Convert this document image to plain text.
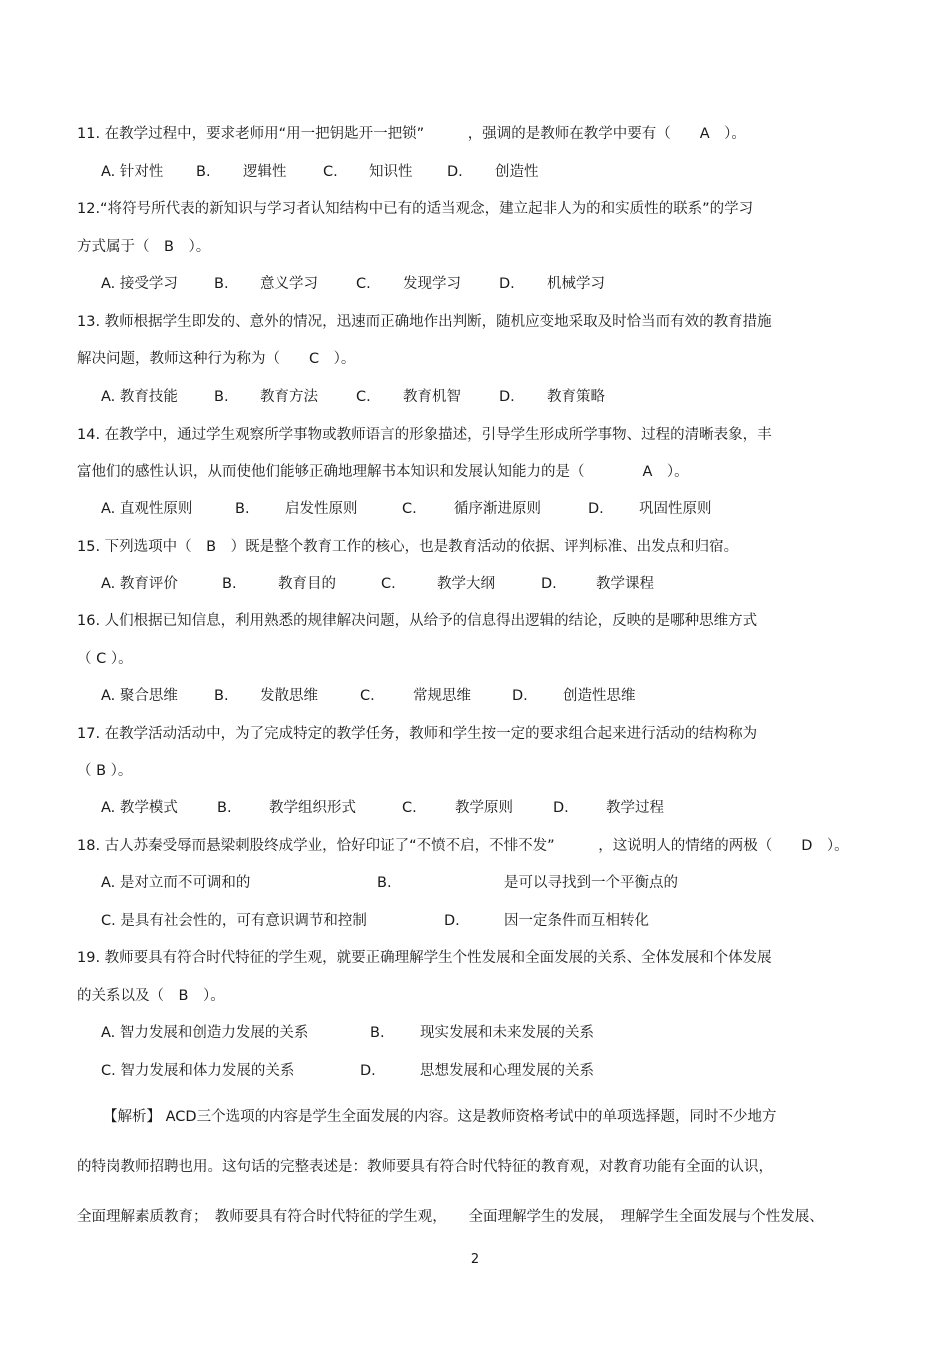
11. 在教学过程中，要求老师用“用一把钥匙开一把锁”　　　，强调的是教师在教学中要有（　　A　）。
A. 针对性 B. 逻辑性	C. 知识性 D. 创造性
12.“将符号所代表的新知识与学习者认知结构中已有的适当观念，建立起非人为的和实质性的联系”的学习
方式属于（　B　）。
A. 接受学习 B. 意义学习	C. 发现学习	D. 机械学习
13. 教师根据学生即发的、意外的情况，迅速而正确地作出判断，随机应变地采取及时恰当而有效的教育措施
解决问题，教师这种行为称为（　　C　）。
A. 教育技能 B. 教育方法	C. 教育机智	D. 教育策略
14. 在教学中，通过学生观察所学事物或教师语言的形象描述，引导学生形成所学事物、过程的清晰表象，丰
富他们的感性认识，从而使他们能够正确地理解书本知识和发展认知能力的是（　　　　A　）。
A. 直观性原则	B. 启发性原则	C.	循序渐进原则	D. 巩固性原则
15. 下列选项中（　B　）既是整个教育工作的核心，也是教育活动的依据、评判标准、出发点和归宿。
A. 教育评价	B.	教育目的	C.	教学大纲	D.	教学课程
16. 人们根据已知信息，利用熟悉的规律解决问题，从给予的信息得出逻辑的结论，反映的是哪种思维方式
（ C ）。
A. 聚合思维 B. 发散思维	C.	常规思维	D. 创造性思维
17. 在教学活动活动中，为了完成特定的教学任务，教师和学生按一定的要求组合起来进行活动的结构称为
（ B ）。
A. 教学模式	B.	教学组织形式	C.	教学原则	D.	教学过程
18. 古人苏秦受辱而悬梁刺股终成学业，恰好印证了“不愤不启，不悱不发”　　　，这说明人的情绪的两极（　　D　）。
A. 是对立而不可调和的	B.	是可以寻找到一个平衡点的
C. 是具有社会性的，可有意识调节和控制	D.	因一定条件而互相转化
19. 教师要具有符合时代特征的学生观，就要正确理解学生个性发展和全面发展的关系、全体发展和个体发展
的关系以及（　B　）。
A. 智力发展和创造力发展的关系	B. 现实发展和未来发展的关系
C. 智力发展和体力发展的关系	D.	思想发展和心理发展的关系
【解析】 ACD三个选项的内容是学生全面发展的内容。这是教师资格考试中的单项选择题，同时不少地方
的特岗教师招聘也用。这句话的完整表述是：教师要具有符合时代特征的教育观，对教育功能有全面的认识，
全面理解素质教育；　教师要具有符合时代特征的学生观，　　全面理解学生的发展，　理解学生全面发展与个性发展、
2
